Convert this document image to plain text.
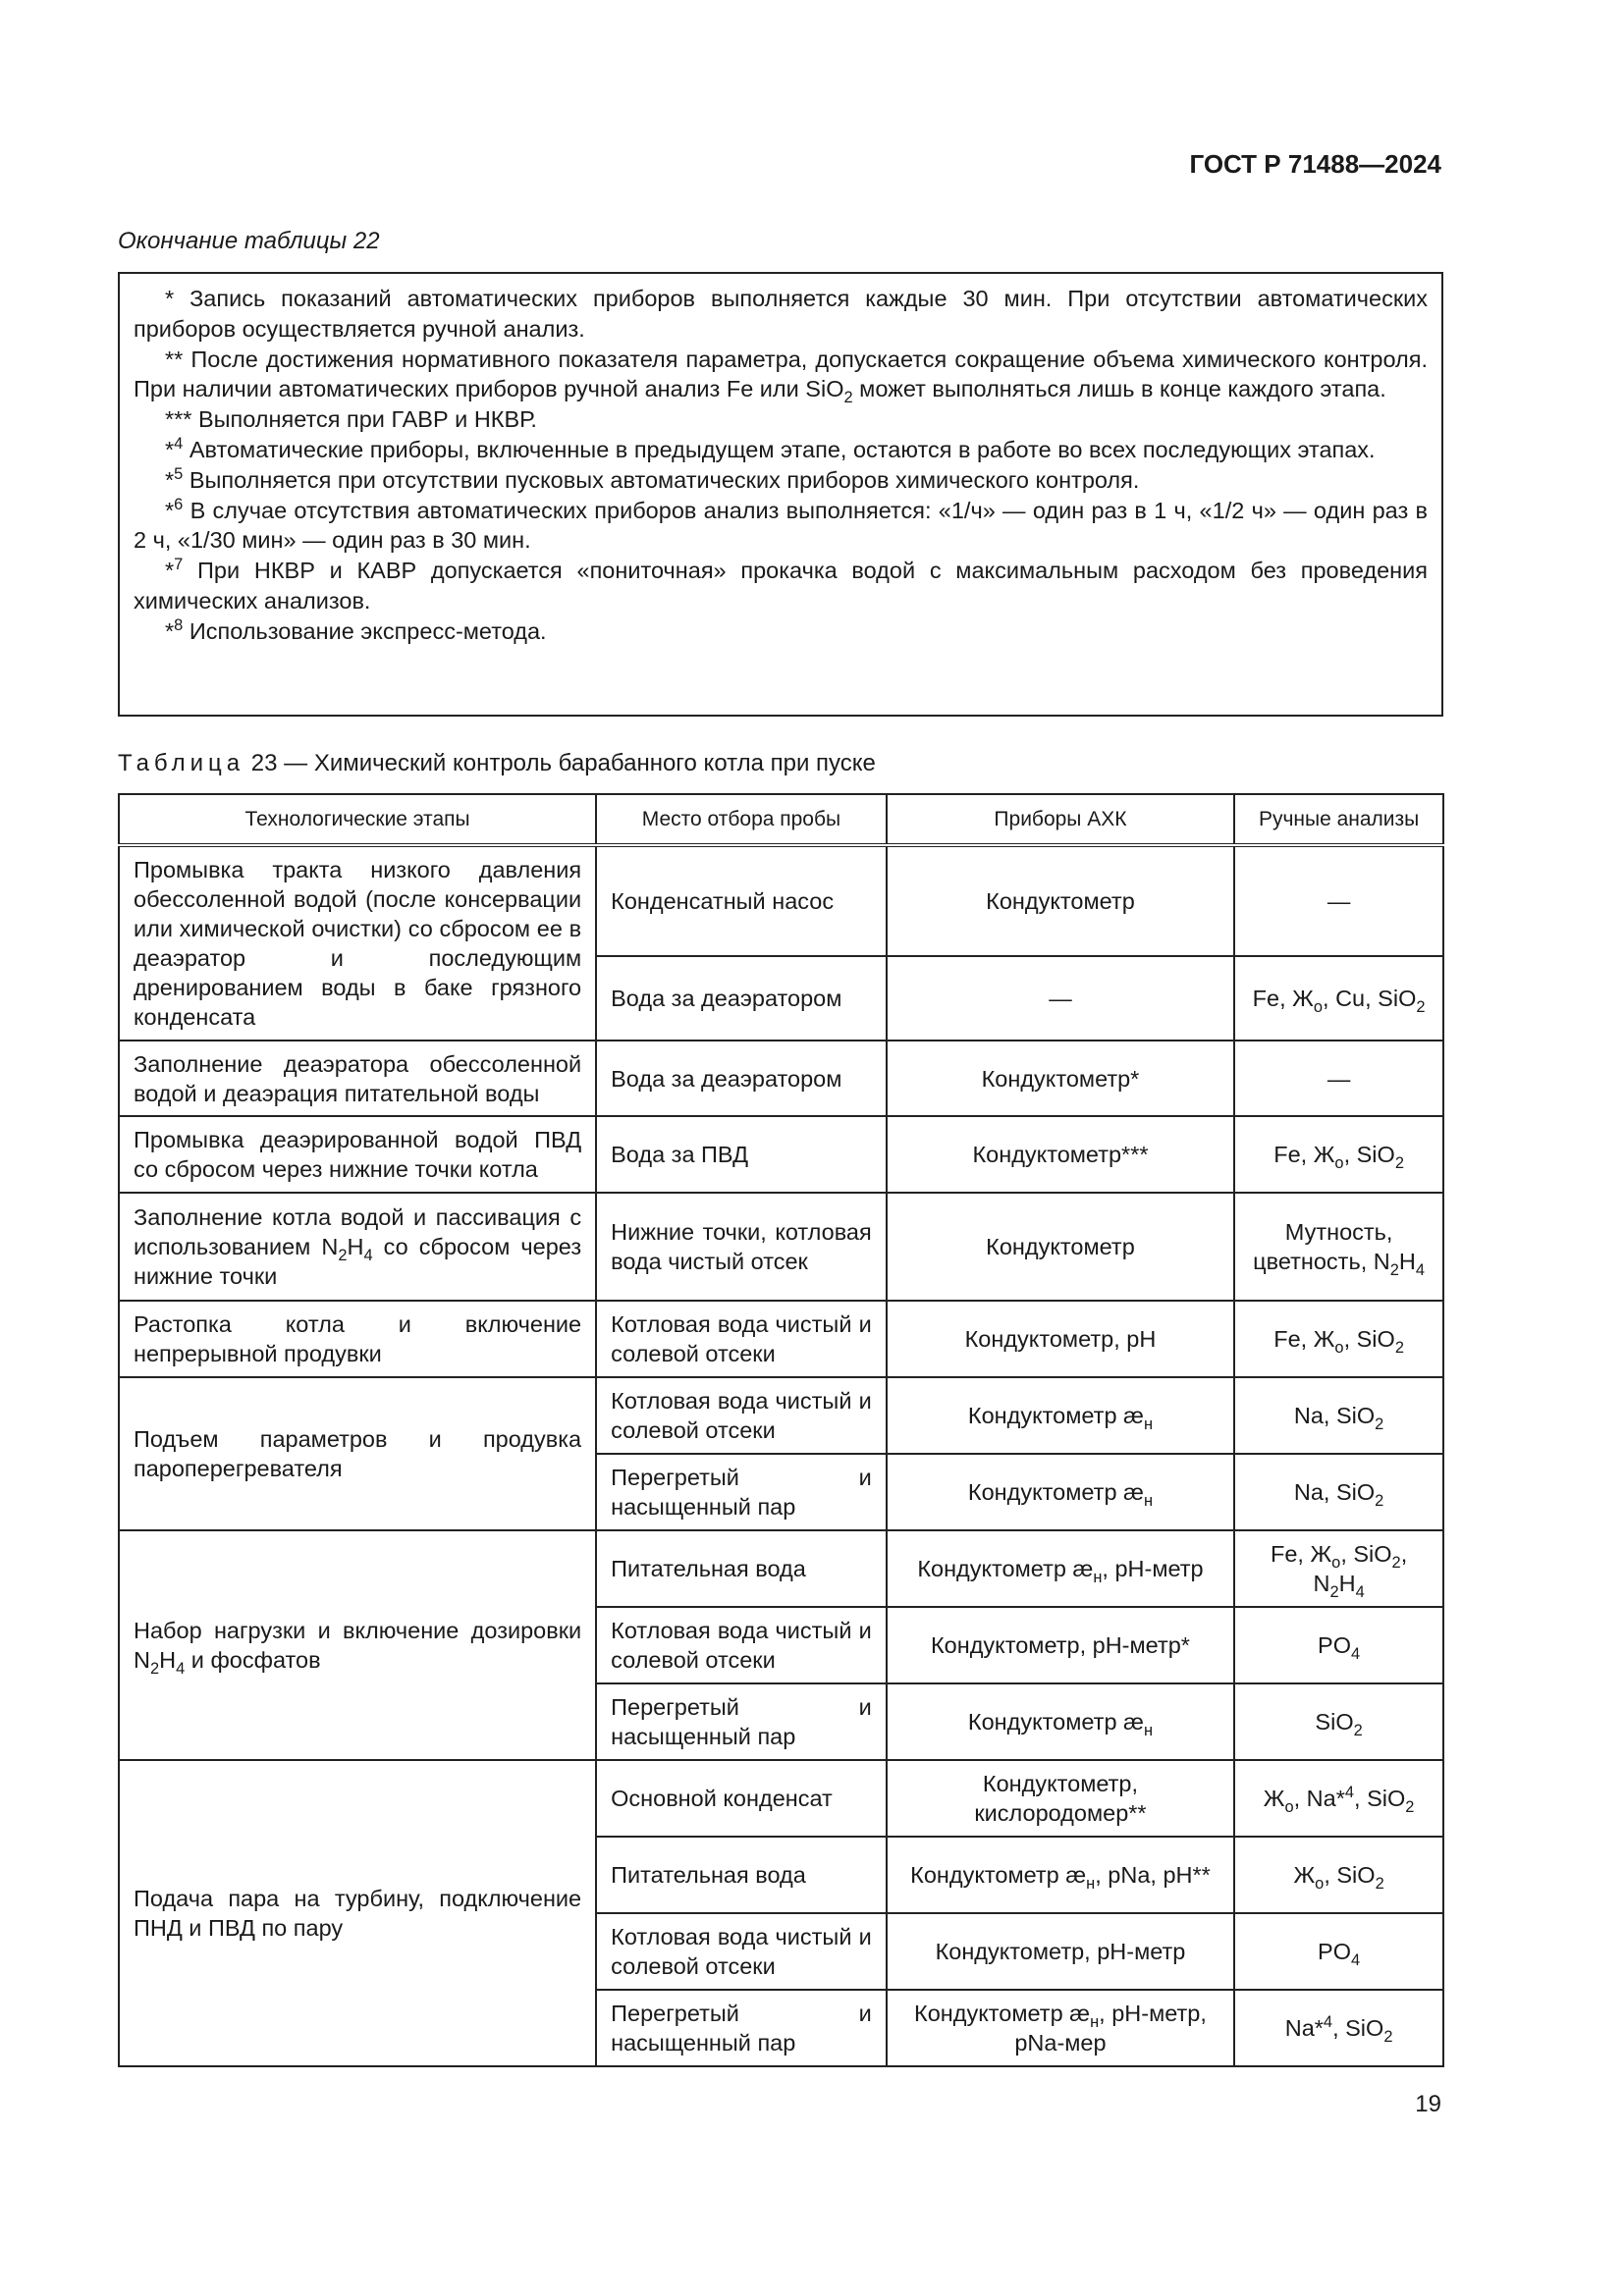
ГОСТ Р 71488—2024
Окончание таблицы 22

* Запись показаний автоматических приборов выполняется каждые 30 мин. При отсутствии автоматических приборов осуществляется ручной анализ.

** После достижения нормативного показателя параметра, допускается сокращение объема химического контроля. При наличии автоматических приборов ручной анализ Fe или SiO$_2$ может выполняться лишь в конце каждого этапа.

*** Выполняется при ГАВР и НКВР.

*$^4$ Автоматические приборы, включенные в предыдущем этапе, остаются в работе во всех последующих этапах.

*$^5$ Выполняется при отсутствии пусковых автоматических приборов химического контроля.

*$^6$ В случае отсутствия автоматических приборов анализ выполняется: «1/ч» — один раз в 1 ч, «1/2 ч» — один раз в 2 ч, «1/30 мин» — один раз в 30 мин.

*$^7$ При НКВР и КАВР допускается «пониточная» прокачка водой с максимальным расходом без проведения химических анализов.

*$^8$ Использование экспресс-метода.

Таблица 23 — Химический контроль барабанного котла при пуске
Технологические этапы	Место отбора пробы	Приборы АХК	Ручные анализы
Промывка тракта низкого давления обессоленной водой (после консервации или химической очистки) со сбросом ее в деаэратор и последующим дренированием воды в баке грязного конденсата	Конденсатный насос	Кондуктометр	—
	Вода за деаэратором	—	Fe, $Ж_о$, Cu, SiO$_2$
Заполнение деаэратора обессоленной водой и деаэрация питательной воды	Вода за деаэратором	Кондуктометр*	—
Промывка деаэрированной водой ПВД со сбросом через нижние точки котла	Вода за ПВД	Кондуктометр***	Fe, $Ж_о$, SiO$_2$
Заполнение котла водой и пассивация с использованием $N_2H_4$ со сбросом через нижние точки	Нижние точки, котловая вода чистый отсек	Кондуктометр	Мутность, цветность, $N_2H_4$
Растопка котла и включение непрерывной продувки	Котловая вода чистый и солевой отсеки	Кондуктометр, pH	Fe, $Ж_о$, SiO$_2$
Подъем параметров и продувка пароперегревателя	Котловая вода чистый и солевой отсеки	Кондуктометр $æ_н$	Na, SiO$_2$
	Перегретый и насыщенный пар	Кондуктометр $æ_н$	Na, SiO$_2$
Набор нагрузки и включение дозировки $N_2H_4$ и фосфатов	Питательная вода	Кондуктометр $æ_н$, pH-метр	Fe, $Ж_о$, SiO$_2$, $N_2H_4$
	Котловая вода чистый и солевой отсеки	Кондуктометр, pH-метр*	$PO_4$
	Перегретый и насыщенный пар	Кондуктометр $æ_н$	SiO$_2$
Подача пара на турбину, подключение ПНД и ПВД по пару	Основной конденсат	Кондуктометр, кислородомер**	$Ж_о$, Na*$^4$, SiO$_2$
	Питательная вода	Кондуктометр $æ_н$, pNa, pH**	$Ж_о$, SiO$_2$
	Котловая вода чистый и солевой отсеки	Кондуктометр, pH-метр	$PO_4$
	Перегретый и насыщенный пар	Кондуктометр $æ_н$, pH-метр, pNa-мер	Na*$^4$, SiO$_2$
19
